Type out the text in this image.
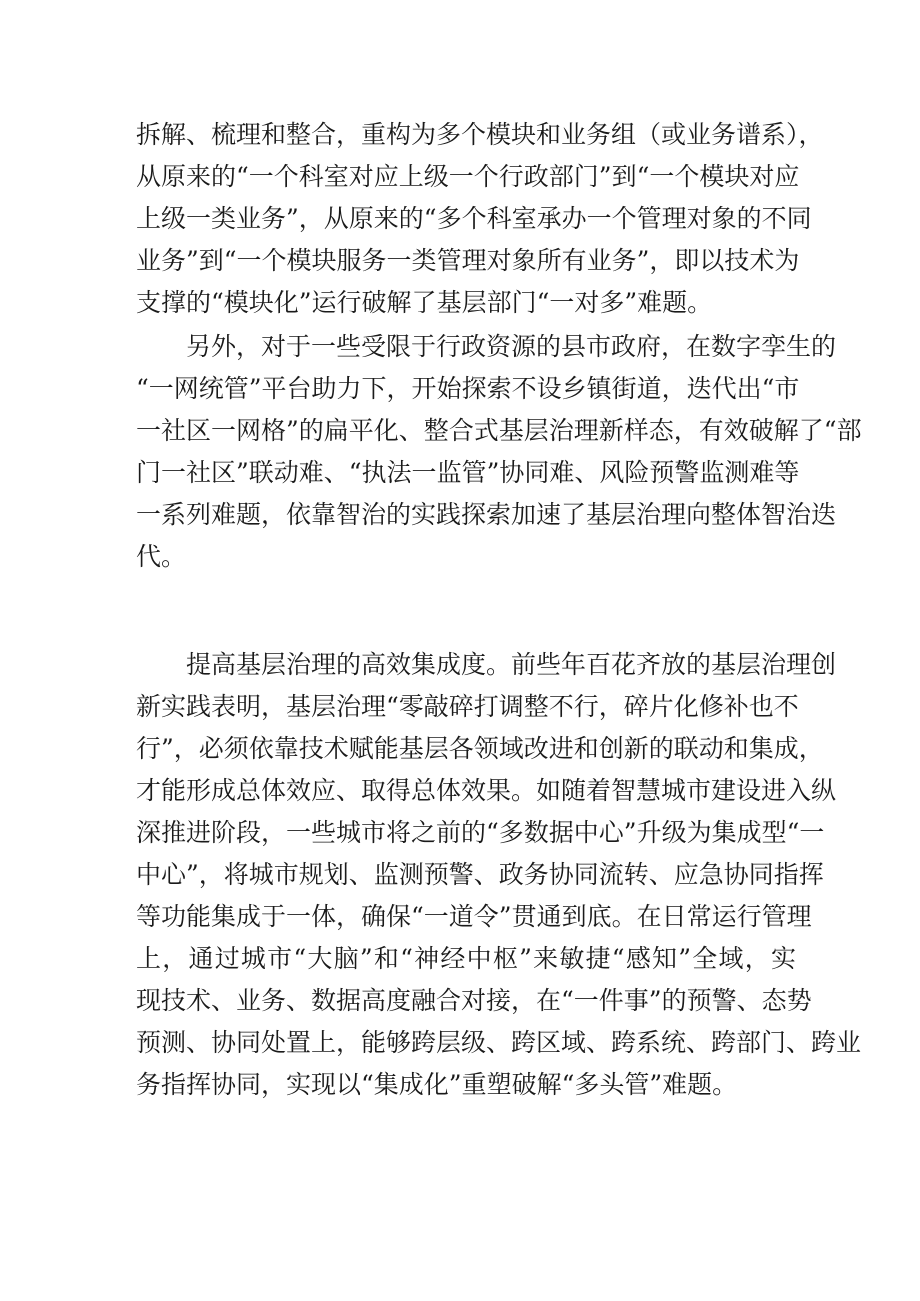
拆解、梳理和整合，重构为多个模块和业务组（或业务谱系），
从原来的“一个科室对应上级一个行政部门”到“一个模块对应
上级一类业务”，从原来的“多个科室承办一个管理对象的不同
业务”到“一个模块服务一类管理对象所有业务”，即以技术为
支撑的“模块化”运行破解了基层部门“一对多”难题。
另外，对于一些受限于行政资源的县市政府，在数字孪生的
“一网统管”平台助力下，开始探索不设乡镇街道，迭代出“市
一社区一网格”的扁平化、整合式基层治理新样态，有效破解了“部
门一社区”联动难、“执法一监管”协同难、风险预警监测难等
一系列难题，依靠智治的实践探索加速了基层治理向整体智治迭
代。
提高基层治理的高效集成度。前些年百花齐放的基层治理创
新实践表明，基层治理“零敲碎打调整不行，碎片化修补也不
行”，必须依靠技术赋能基层各领域改进和创新的联动和集成，
才能形成总体效应、取得总体效果。如随着智慧城市建设进入纵
深推进阶段，一些城市将之前的“多数据中心”升级为集成型“一
中心”，将城市规划、监测预警、政务协同流转、应急协同指挥
等功能集成于一体，确保“一道令”贯通到底。在日常运行管理
上，通过城市“大脑”和“神经中枢”来敏捷“感知”全域，实
现技术、业务、数据高度融合对接，在“一件事”的预警、态势
预测、协同处置上，能够跨层级、跨区域、跨系统、跨部门、跨业
务指挥协同，实现以“集成化”重塑破解“多头管”难题。
